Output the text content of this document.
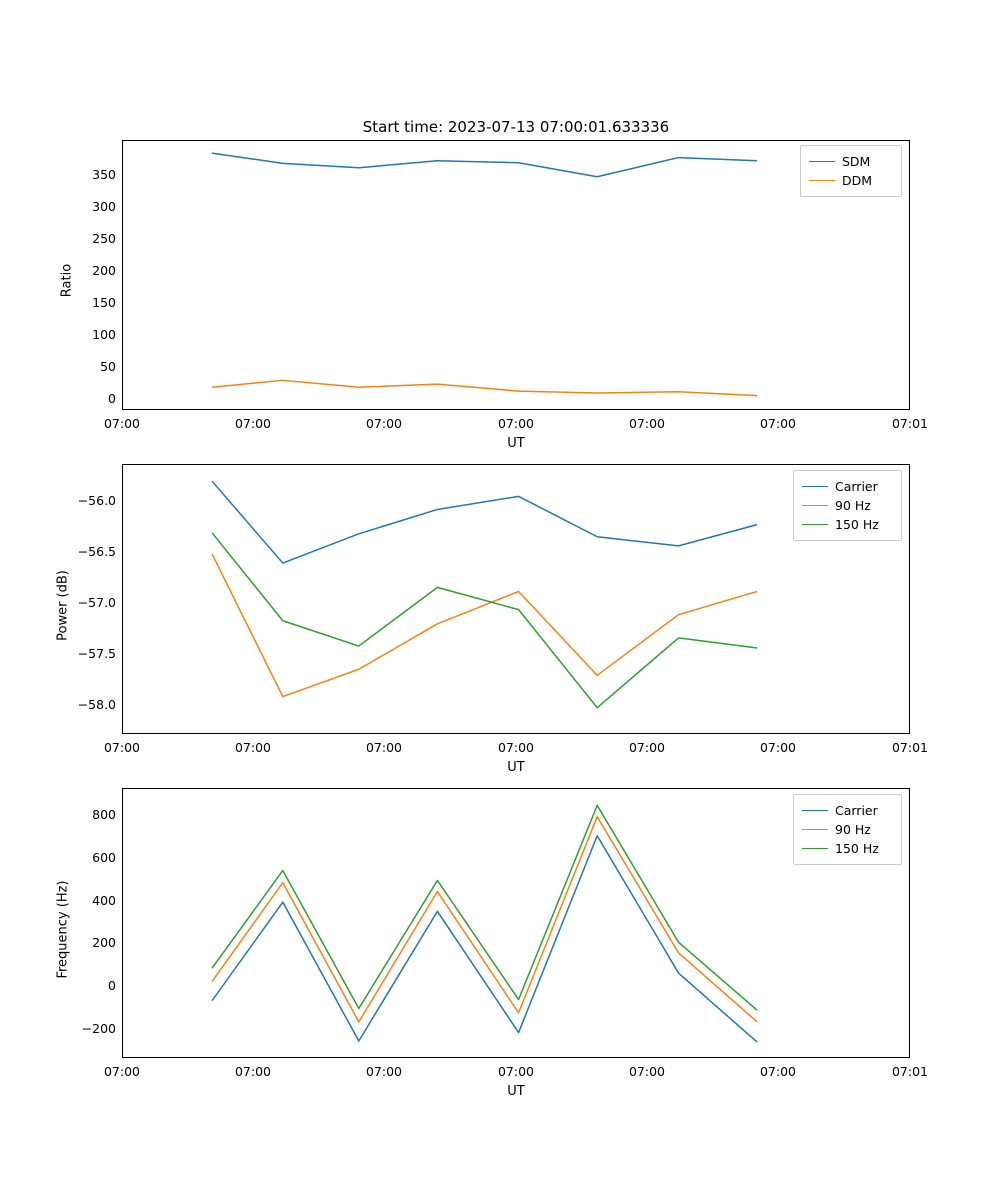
Start time: 2023-07-13 07:00:01.633336
Ratio
0
50
100
150
200
250
300
350
07:00	07:00	07:00	07:00	07:00	07:00	07:01
UT
SDM
DDM
Power (dB)
−58.0
−57.5
−57.0
−56.5
−56.0
07:00	07:00	07:00	07:00	07:00	07:00	07:01
UT
Carrier
90 Hz
150 Hz
Frequency (Hz)
−200
0
200
400
600
800
07:00	07:00	07:00	07:00	07:00	07:00	07:01
UT
Carrier
90 Hz
150 Hz
